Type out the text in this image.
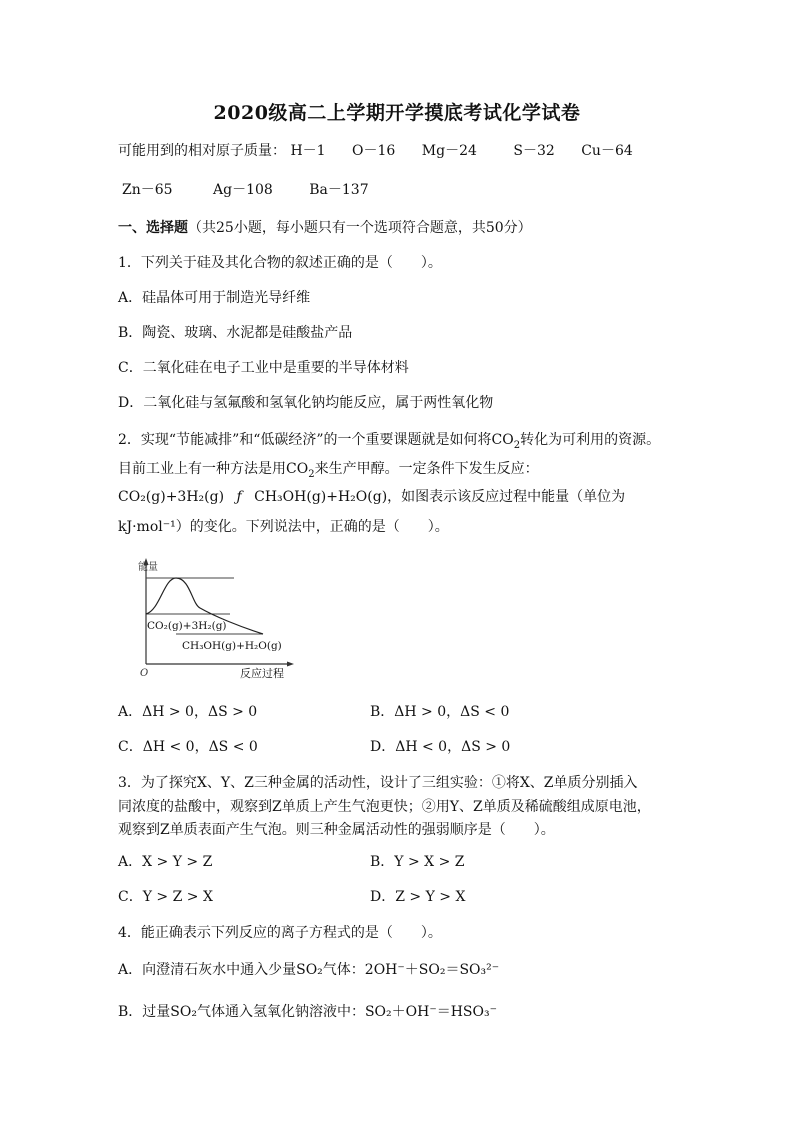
2020级高二上学期开学摸底考试化学试卷
可能用到的相对原子质量： H－1 O－16 Mg－24	S－32 Cu－64
Zn－65	Ag－108	Ba－137
一、选择题（共25小题，每小题只有一个选项符合题意，共50分）
1．下列关于硅及其化合物的叙述正确的是（　　）。
A．硅晶体可用于制造光导纤维
B．陶瓷、玻璃、水泥都是硅酸盐产品
C．二氧化硅在电子工业中是重要的半导体材料
D．二氧化硅与氢氟酸和氢氧化钠均能反应，属于两性氧化物
2．实现“节能减排”和“低碳经济”的一个重要课题就是如何将$CO_2$转化为可利用的资源。
目前工业上有一种方法是用$CO_2$来生产甲醇。一定条件下发生反应：
CO₂(g)+3H₂(g) ƒ CH₃OH(g)+H₂O(g)，如图表示该反应过程中能量（单位为
kJ·mol⁻¹）的变化。下列说法中，正确的是（　　）。
能量
CO₂(g)+3H₂(g)
CH₃OH(g)+H₂O(g)
O	反应过程
A．ΔH > 0，ΔS > 0	B．ΔH > 0，ΔS < 0
C．ΔH < 0，ΔS < 0	D．ΔH < 0，ΔS > 0
3．为了探究X、Y、Z三种金属的活动性，设计了三组实验：①将X、Z单质分别插入
同浓度的盐酸中，观察到Z单质上产生气泡更快；②用Y、Z单质及稀硫酸组成原电池，
观察到Z单质表面产生气泡。则三种金属活动性的强弱顺序是（　　）。
A．X > Y > Z	B．Y > X > Z
C．Y > Z > X	D．Z > Y > X
4．能正确表示下列反应的离子方程式的是（　　）。
A．向澄清石灰水中通入少量SO₂气体：2OH⁻＋SO₂＝SO₃²⁻
B．过量SO₂气体通入氢氧化钠溶液中：SO₂＋OH⁻＝HSO₃⁻
